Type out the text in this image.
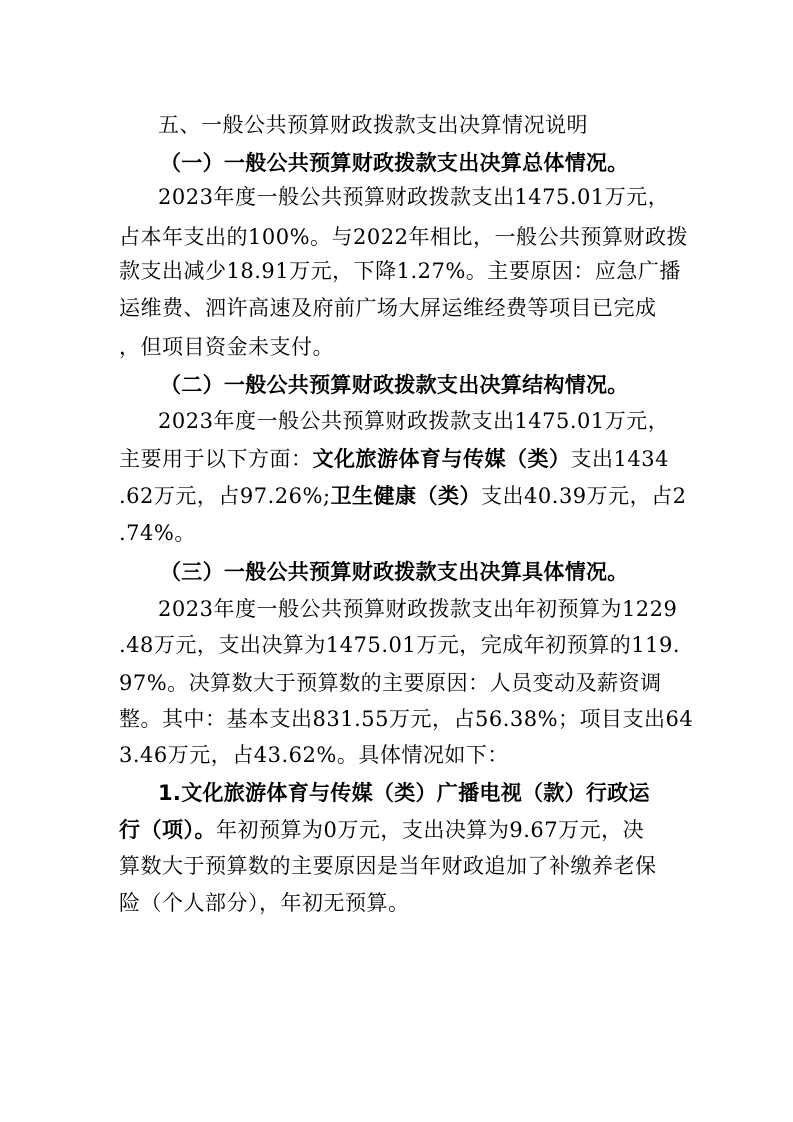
五、一般公共预算财政拨款支出决算情况说明
（一）一般公共预算财政拨款支出决算总体情况。
2023年度一般公共预算财政拨款支出1475.01万元，
占本年支出的100%。与2022年相比，一般公共预算财政拨
款支出减少18.91万元，下降1.27%。主要原因：应急广播
运维费、泗许高速及府前广场大屏运维经费等项目已完成
，但项目资金未支付。
（二）一般公共预算财政拨款支出决算结构情况。
2023年度一般公共预算财政拨款支出1475.01万元，
主要用于以下方面：文化旅游体育与传媒（类）支出1434
.62万元，占97.26%;卫生健康（类）支出40.39万元，占2
.74%。
（三）一般公共预算财政拨款支出决算具体情况。
2023年度一般公共预算财政拨款支出年初预算为1229
.48万元，支出决算为1475.01万元，完成年初预算的119.
97%。决算数大于预算数的主要原因：人员变动及薪资调
整。其中：基本支出831.55万元，占56.38%；项目支出64
3.46万元，占43.62%。具体情况如下：
1.文化旅游体育与传媒（类）广播电视（款）行政运
行（项）。年初预算为0万元，支出决算为9.67万元，决
算数大于预算数的主要原因是当年财政追加了补缴养老保
险（个人部分），年初无预算。
